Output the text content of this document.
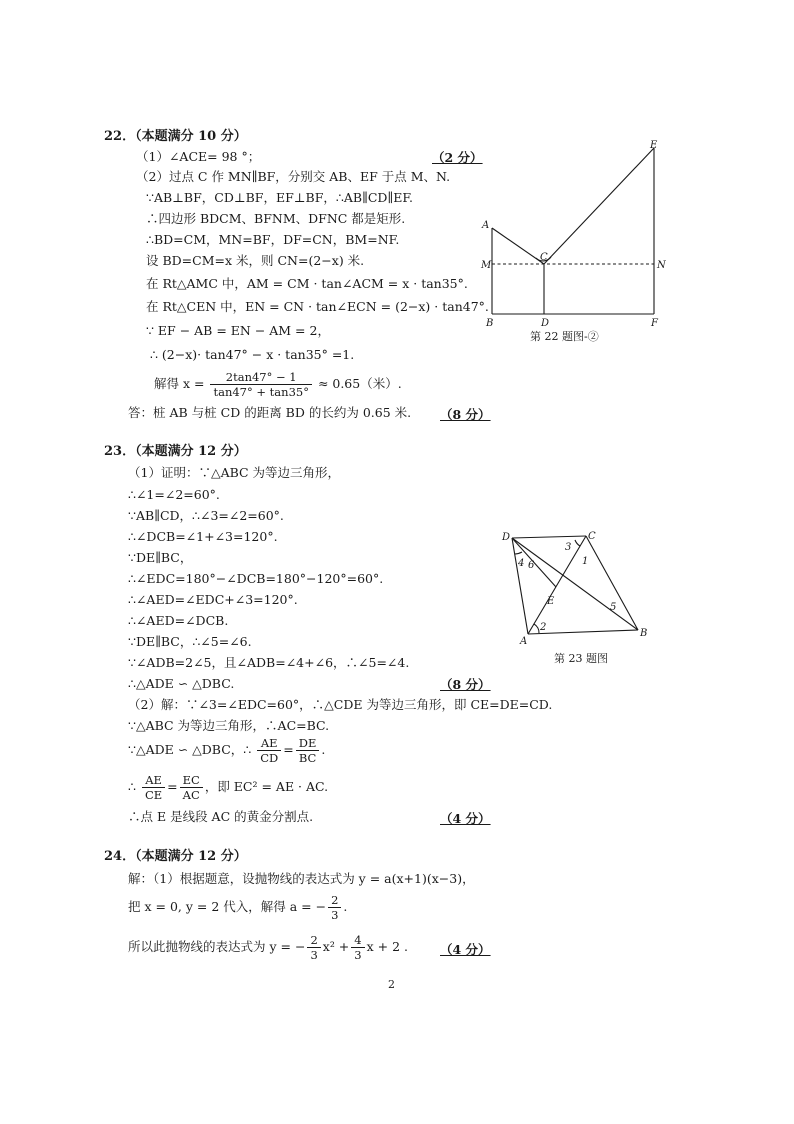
22．（本题满分 10 分）
（1）∠ACE= 98 °；	（2 分）
（2）过点 C 作 MN∥BF，分别交 AB、EF 于点 M、N.
∵AB⊥BF，CD⊥BF，EF⊥BF，∴AB∥CD∥EF.
∴四边形 BDCM、BFNM、DFNC 都是矩形.
∴BD=CM，MN=BF，DF=CN，BM=NF.
设 BD=CM=x 米，则 CN=(2−x) 米.
在 Rt△AMC 中，AM = CM · tan∠ACM = x · tan35°.
在 Rt△CEN 中，EN = CN · tan∠ECN = (2−x) · tan47°.
∵ EF − AB = EN − AM = 2，
∴ (2−x)· tan47° − x · tan35° =1.
解得 $x = \frac{2\tan 47^\circ - 1}{\tan 47^\circ + \tan 35^\circ} \approx 0.65$（米）.
答：桩 AB 与桩 CD 的距离 BD 的长约为 0.65 米. （8 分）
E
A
M
C
N
B	D	F
第 22 题图-②
23．（本题满分 12 分）
（1）证明：∵△ABC 为等边三角形，
∴∠1=∠2=60°.
∵AB∥CD，∴∠3=∠2=60°.
∴∠DCB=∠1+∠3=120°.
∵DE∥BC，
∴∠EDC=180°−∠DCB=180°−120°=60°.
∴∠AED=∠EDC+∠3=120°.
∴∠AED=∠DCB.
∵DE∥BC，∴∠5=∠6.
∵∠ADB=2∠5，且∠ADB=∠4+∠6，∴∠5=∠4.
∴△ADE ∽ △DBC.	（8 分）
（2）解：∵∠3=∠EDC=60°，∴△CDE 为等边三角形，即 CE=DE=CD.
∵△ABC 为等边三角形，∴AC=BC.
∵△ADE ∽ △DBC，∴ $\frac{AE}{CD} = \frac{DE}{BC}$ .
∴ $\frac{AE}{CE} = \frac{EC}{AC}$ ，即 EC² = AE · AC.
∴点 E 是线段 AC 的黄金分割点.	（4 分）
D	C
A
B
E
1
2
3
4
5
6
第 23 题图
24．（本题满分 12 分）
解：（1）根据题意，设抛物线的表达式为 y = a(x+1)(x−3)，
把 x = 0, y = 2 代入，解得 a = − $\frac{2}{3}$ .
所以此抛物线的表达式为 y = − $\frac{2}{3} x^2 + \frac{4}{3}$ x + 2 .	（4 分）
2
